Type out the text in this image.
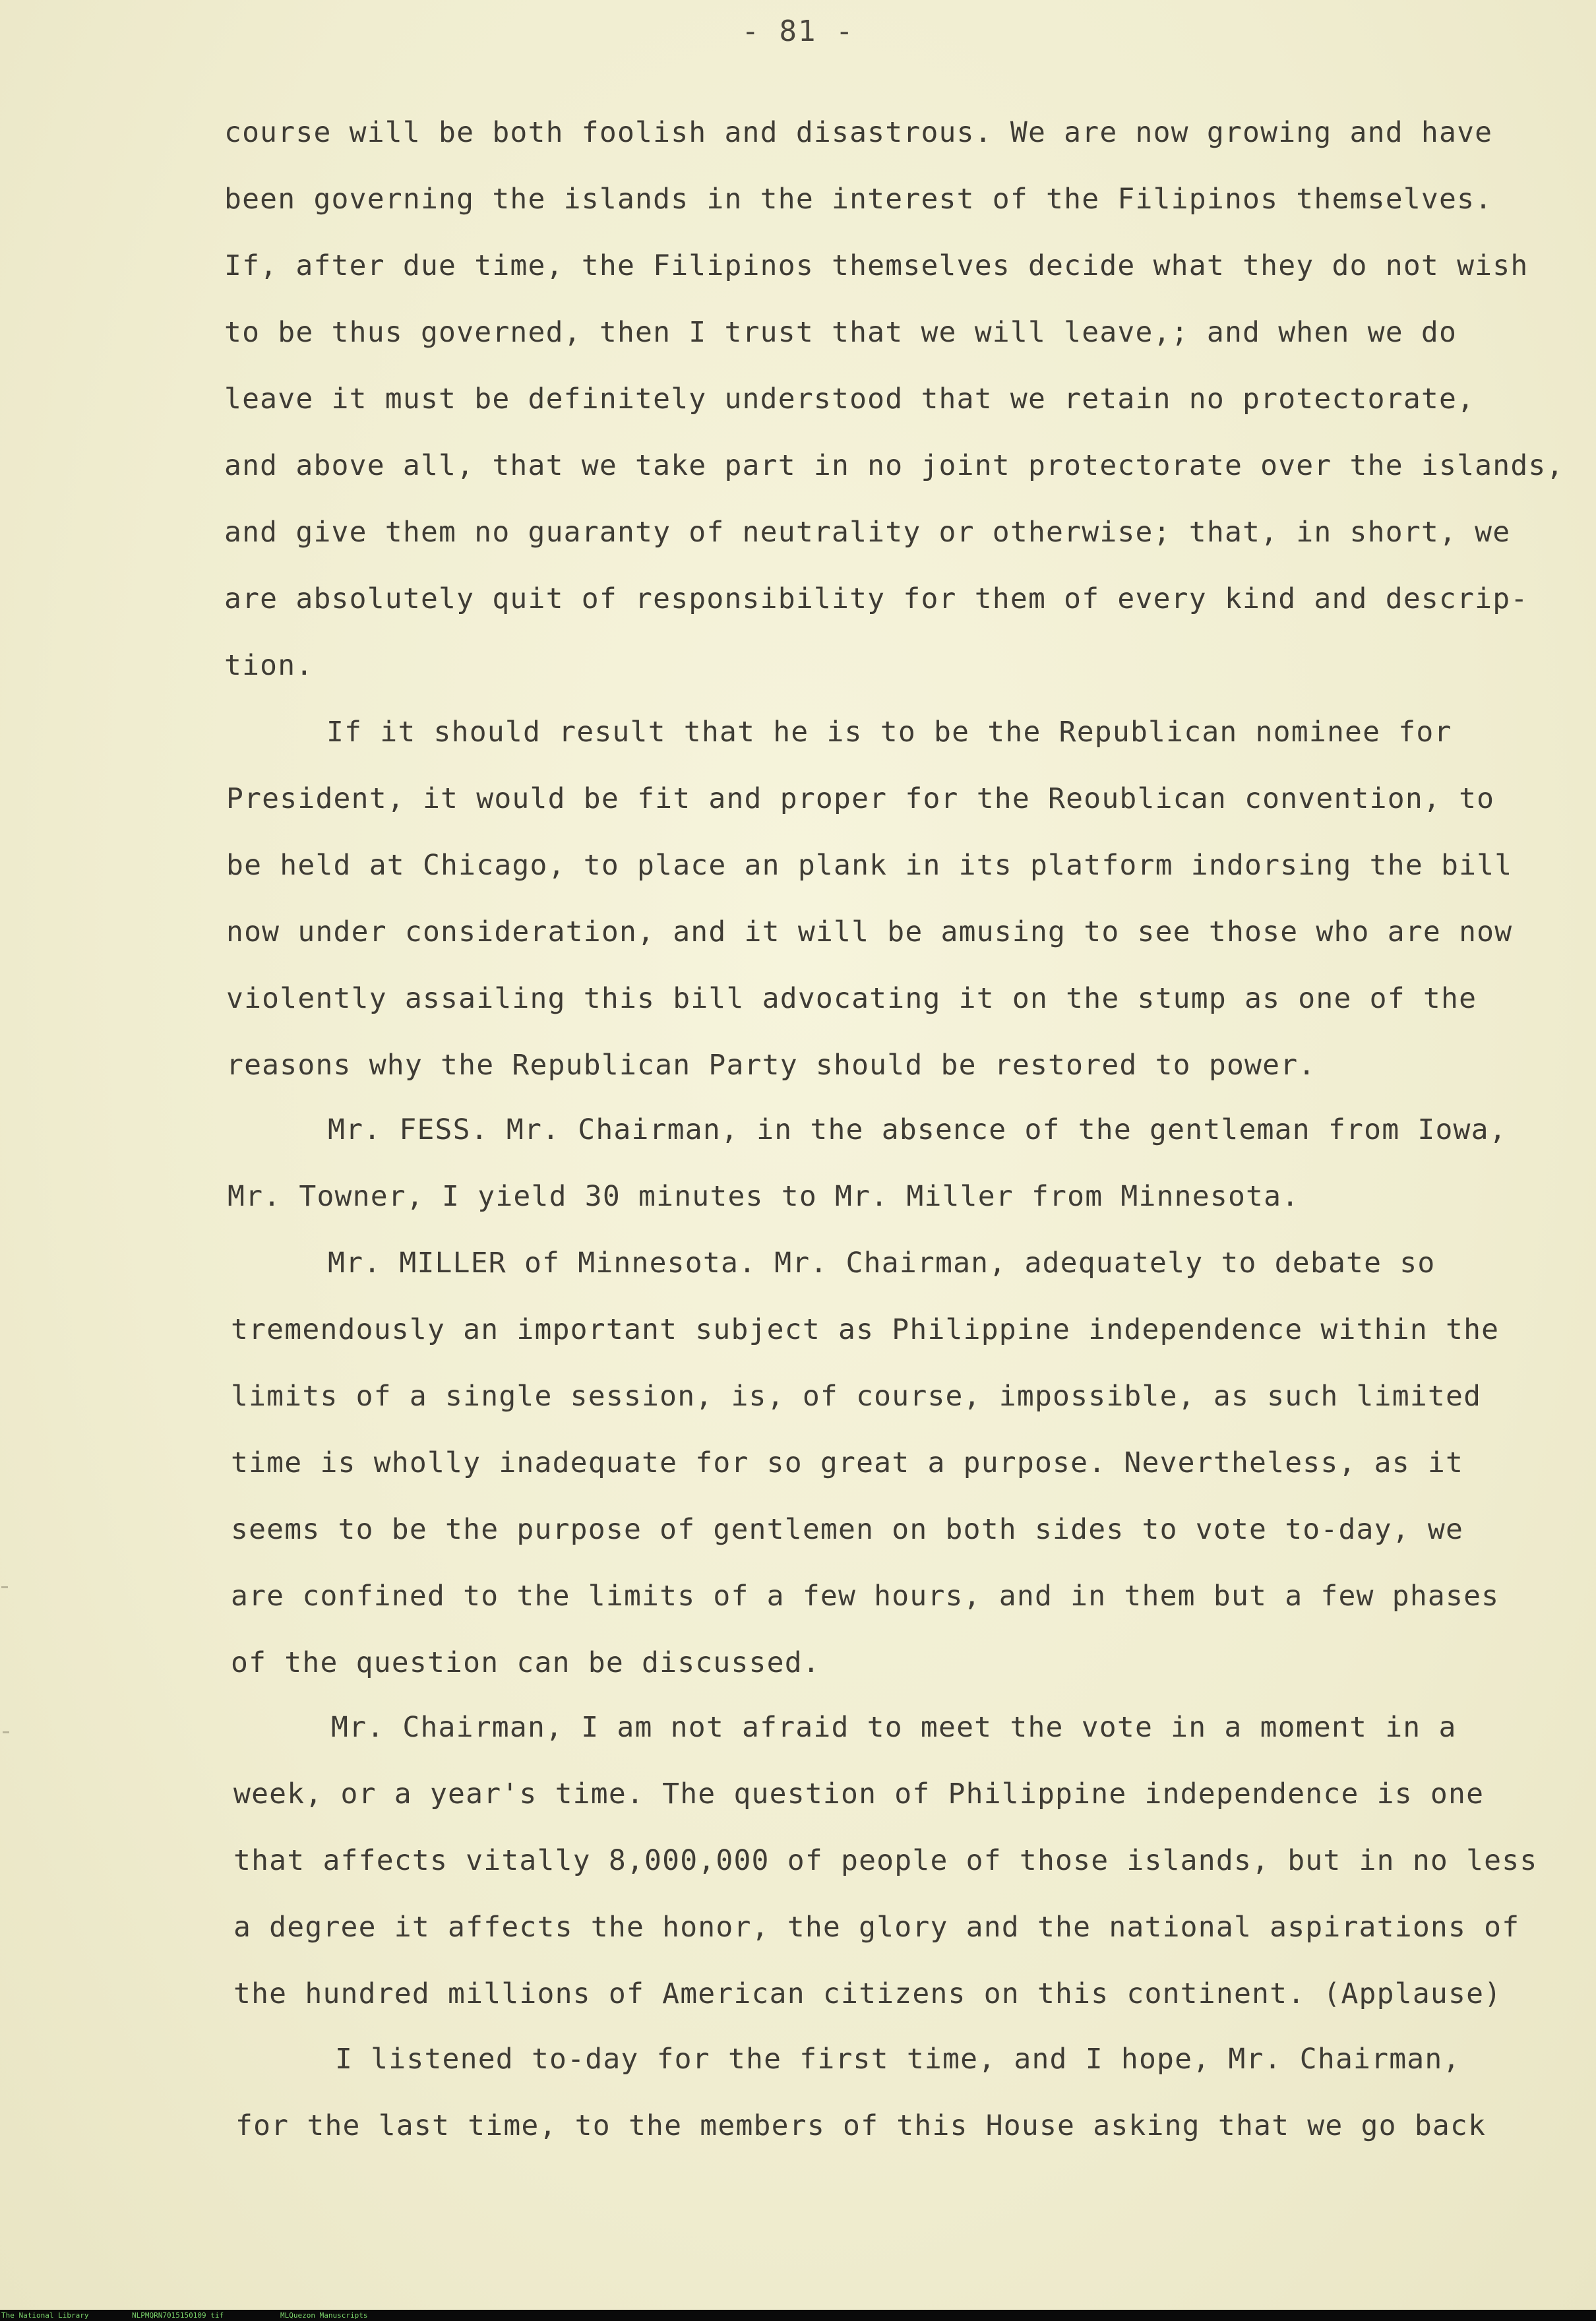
- 81 -
course will be both foolish and disastrous. We are now growing and have
been governing the islands in the interest of the Filipinos themselves.
If, after due time, the Filipinos themselves decide what they do not wish
to be thus governed, then I trust that we will leave,; and when we do
leave it must be definitely understood that we retain no protectorate,
and above all, that we take part in no joint protectorate over the islands,
and give them no guaranty of neutrality or otherwise; that, in short, we
are absolutely quit of responsibility for them of every kind and descrip-
tion.
If it should result that he is to be the Republican nominee for
President, it would be fit and proper for the Reoublican convention, to
be held at Chicago, to place an plank in its platform indorsing the bill
now under consideration, and it will be amusing to see those who are now
violently assailing this bill advocating it on the stump as one of the
reasons why the Republican Party should be restored to power.
Mr. FESS. Mr. Chairman, in the absence of the gentleman from Iowa,
Mr. Towner, I yield 30 minutes to Mr. Miller from Minnesota.
Mr. MILLER of Minnesota. Mr. Chairman, adequately to debate so
tremendously an important subject as Philippine independence within the
limits of a single session, is, of course, impossible, as such limited
time is wholly inadequate for so great a purpose. Nevertheless, as it
seems to be the purpose of gentlemen on both sides to vote to-day, we
are confined to the limits of a few hours, and in them but a few phases
of the question can be discussed.
Mr. Chairman, I am not afraid to meet the vote in a moment in a
week, or a year's time. The question of Philippine independence is one
that affects vitally 8,000,000 of people of those islands, but in no less
a degree it affects the honor, the glory and the national aspirations of
the hundred millions of American citizens on this continent. (Applause)
I listened to-day for the first time, and I hope, Mr. Chairman,
for the last time, to the members of this House asking that we go back
The National Library	NLPMQRN7015150109 tif	MLQuezon Manuscripts
